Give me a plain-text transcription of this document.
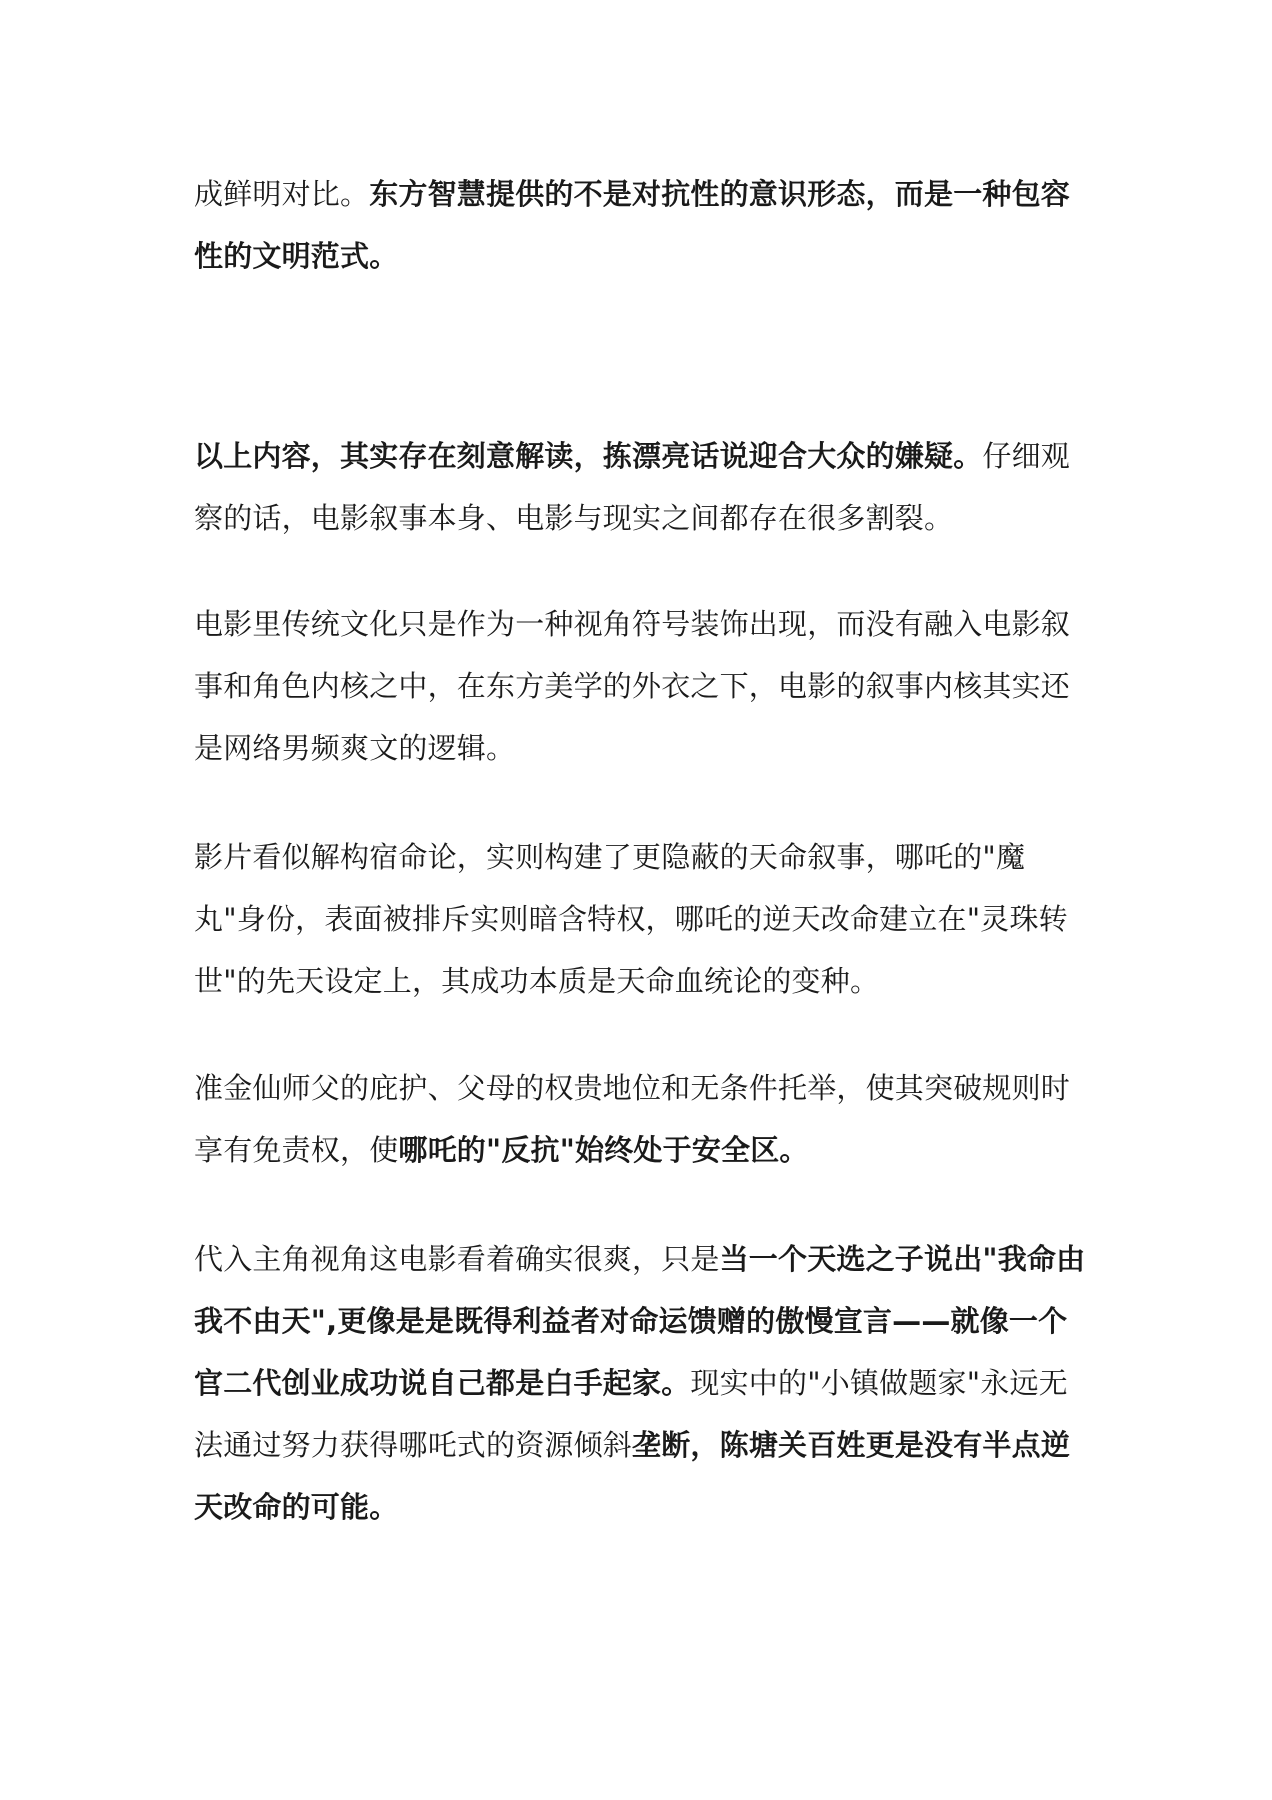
成鲜明对比。东方智慧提供的不是对抗性的意识形态，而是一种包容性的文明范式。

以上内容，其实存在刻意解读，拣漂亮话说迎合大众的嫌疑。仔细观察的话，电影叙事本身、电影与现实之间都存在很多割裂。

电影里传统文化只是作为一种视角符号装饰出现，而没有融入电影叙事和角色内核之中，在东方美学的外衣之下，电影的叙事内核其实还是网络男频爽文的逻辑。

影片看似解构宿命论，实则构建了更隐蔽的天命叙事，哪吒的"魔丸"身份，表面被排斥实则暗含特权，哪吒的逆天改命建立在"灵珠转世"的先天设定上，其成功本质是天命血统论的变种。

准金仙师父的庇护、父母的权贵地位和无条件托举，使其突破规则时享有免责权，使哪吒的"反抗"始终处于安全区。

代入主角视角这电影看着确实很爽，只是当一个天选之子说出"我命由我不由天",更像是是既得利益者对命运馈赠的傲慢宣言——就像一个官二代创业成功说自己都是白手起家。现实中的"小镇做题家"永远无法通过努力获得哪吒式的资源倾斜垄断，陈塘关百姓更是没有半点逆天改命的可能。
